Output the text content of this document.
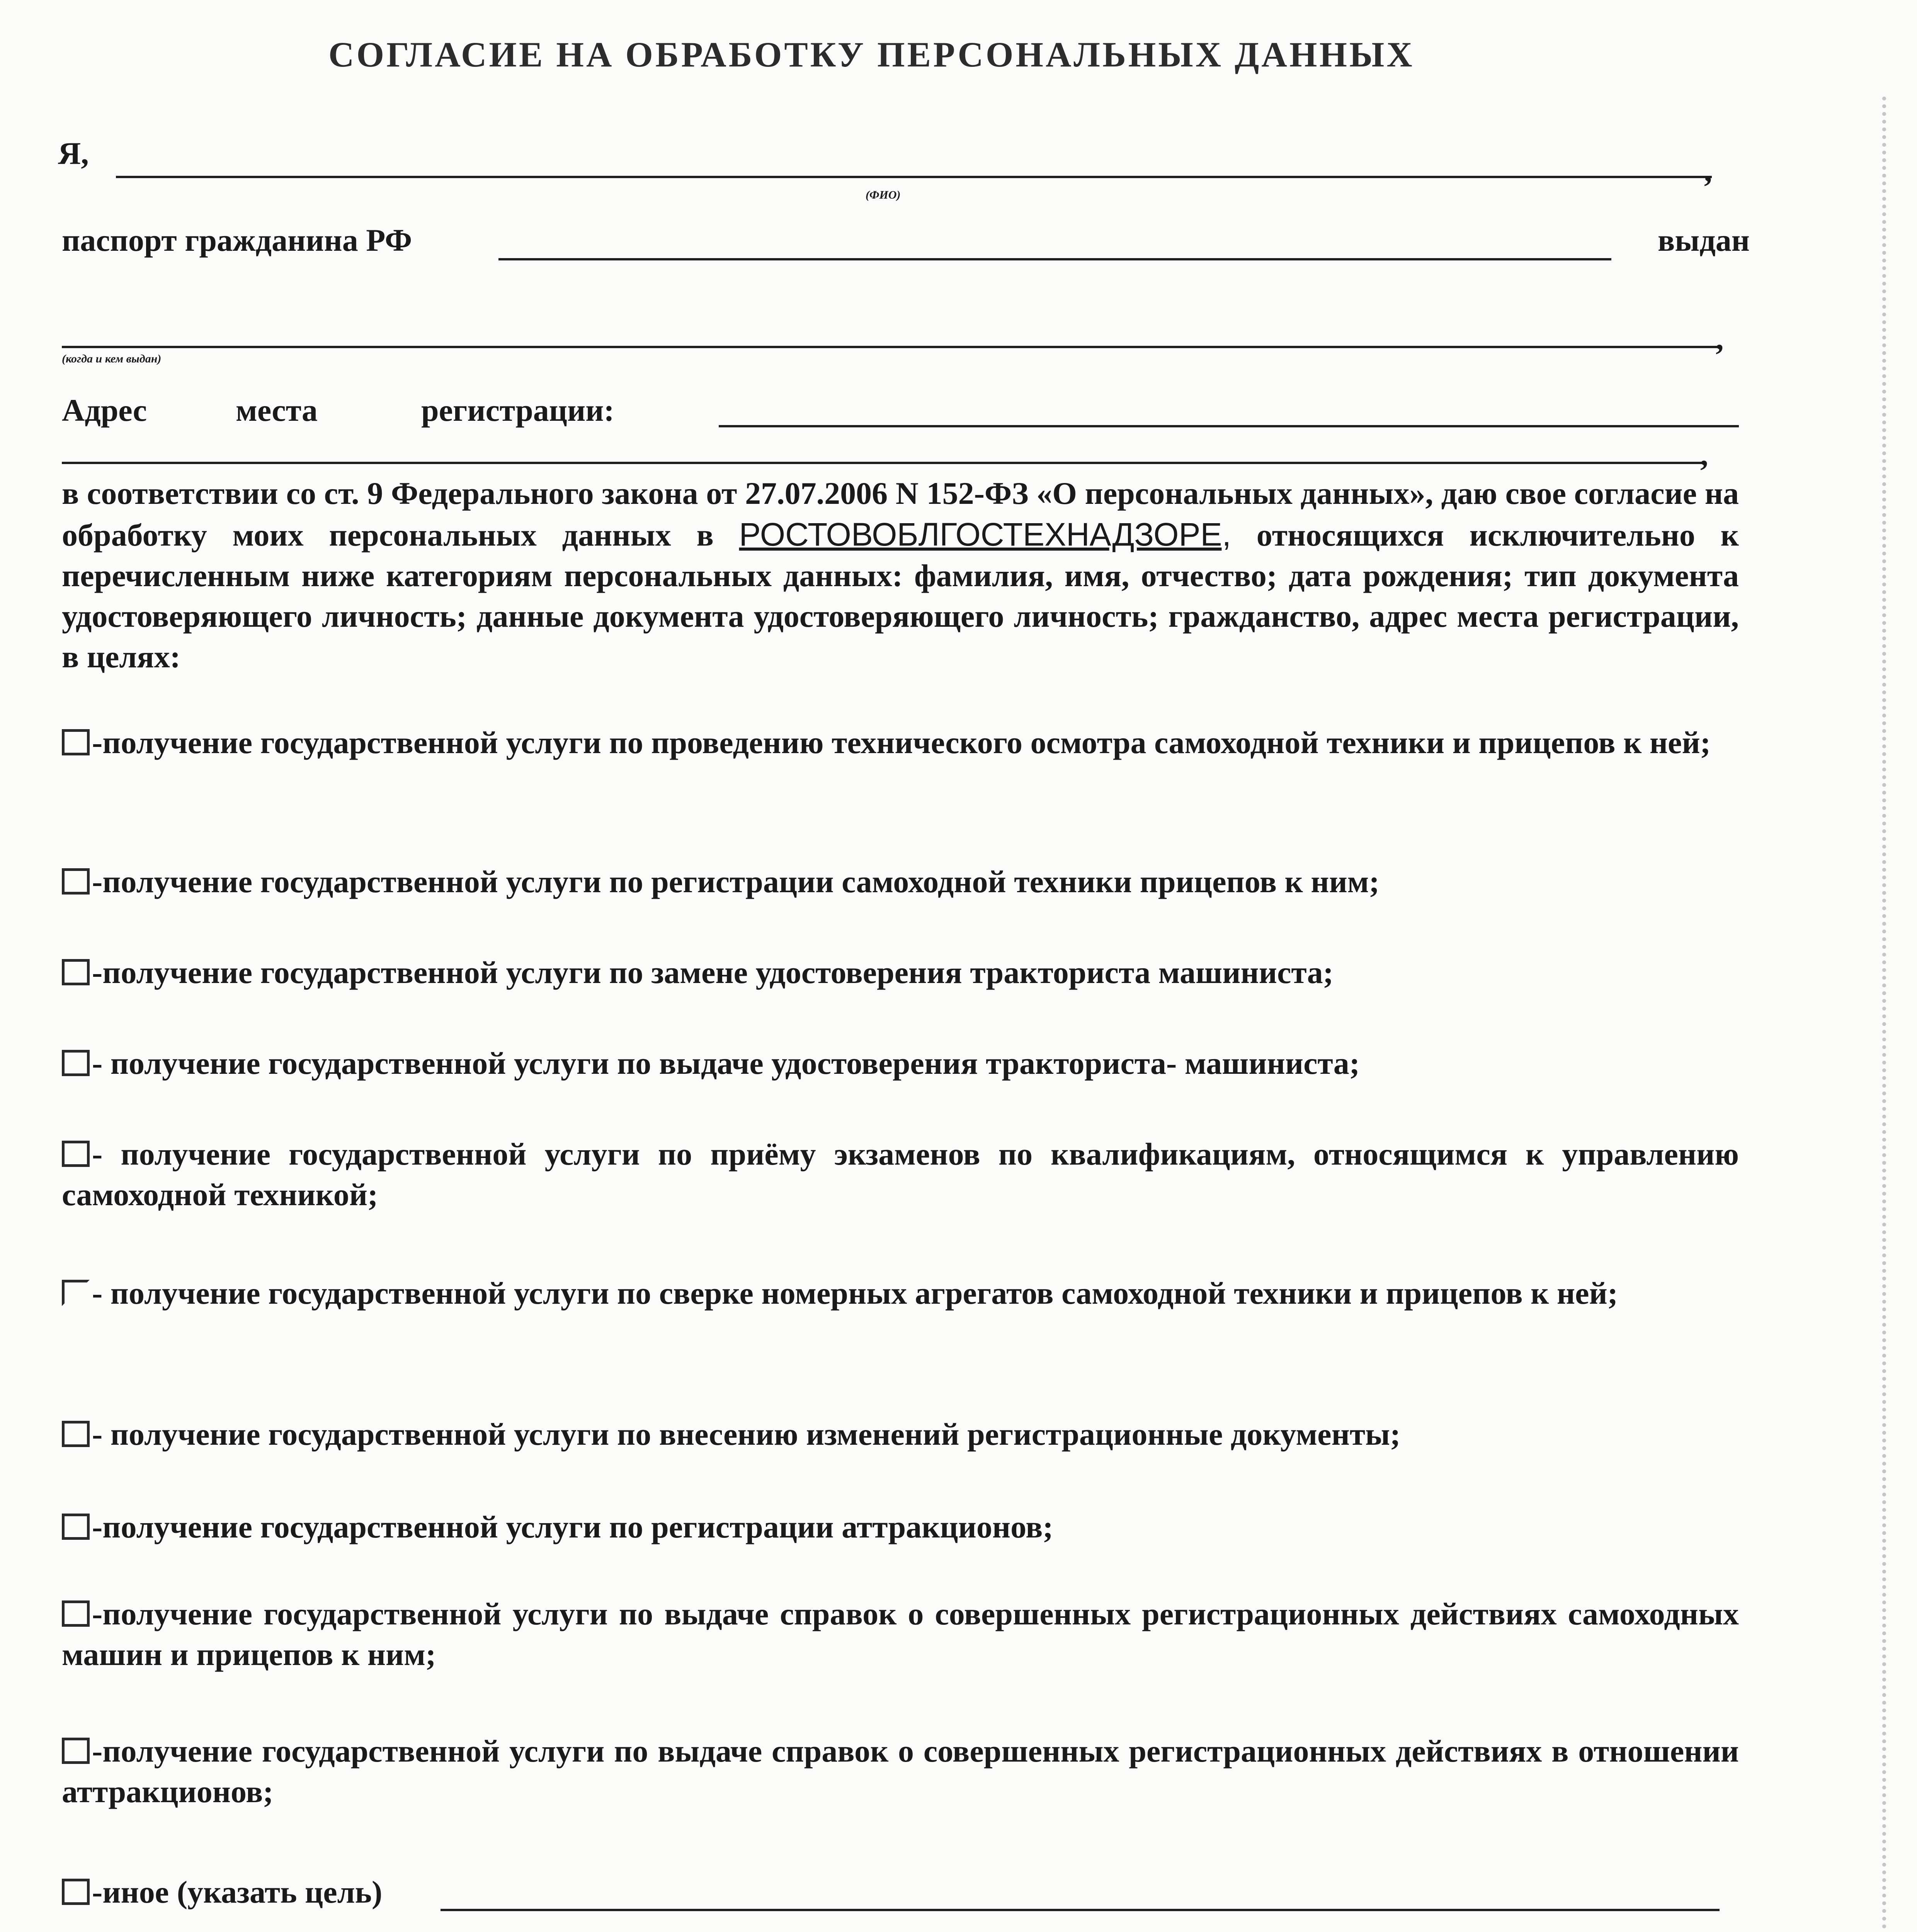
СОГЛАСИЕ НА ОБРАБОТКУ ПЕРСОНАЛЬНЫХ ДАННЫХ
Я,	,
(ФИО)
паспорт гражданина РФ	выдан
,
(когда и кем выдан)
Адрес	места	регистрации:
,
в соответствии со ст. 9 Федерального закона от 27.07.2006 N 152-ФЗ «О персональных данных», даю свое согласие на обработку моих персональных данных в РОСТОВОБЛГОСТЕХНАДЗОРЕ, относящихся исключительно к перечисленным ниже категориям персональных данных: фамилия, имя, отчество; дата рождения; тип документа удостоверяющего личность; данные документа удостоверяющего личность; гражданство, адрес места регистрации, в целях:
-получение государственной услуги по проведению технического осмотра самоходной техники и прицепов к ней;
-получение государственной услуги по регистрации самоходной техники прицепов к ним;
-получение государственной услуги по замене удостоверения тракториста машиниста;
- получение государственной услуги по выдаче удостоверения тракториста- машиниста;
- получение государственной услуги по приёму экзаменов по квалификациям, относящимся к управлению самоходной техникой;
- получение государственной услуги по сверке номерных агрегатов самоходной техники и прицепов к ней;
- получение государственной услуги по внесению изменений регистрационные документы;
-получение государственной услуги по регистрации аттракционов;
-получение государственной услуги по выдаче справок о совершенных регистрационных действиях самоходных машин и прицепов к ним;
-получение государственной услуги по выдаче справок о совершенных регистрационных действиях в отношении аттракционов;
-иное (указать цель)
